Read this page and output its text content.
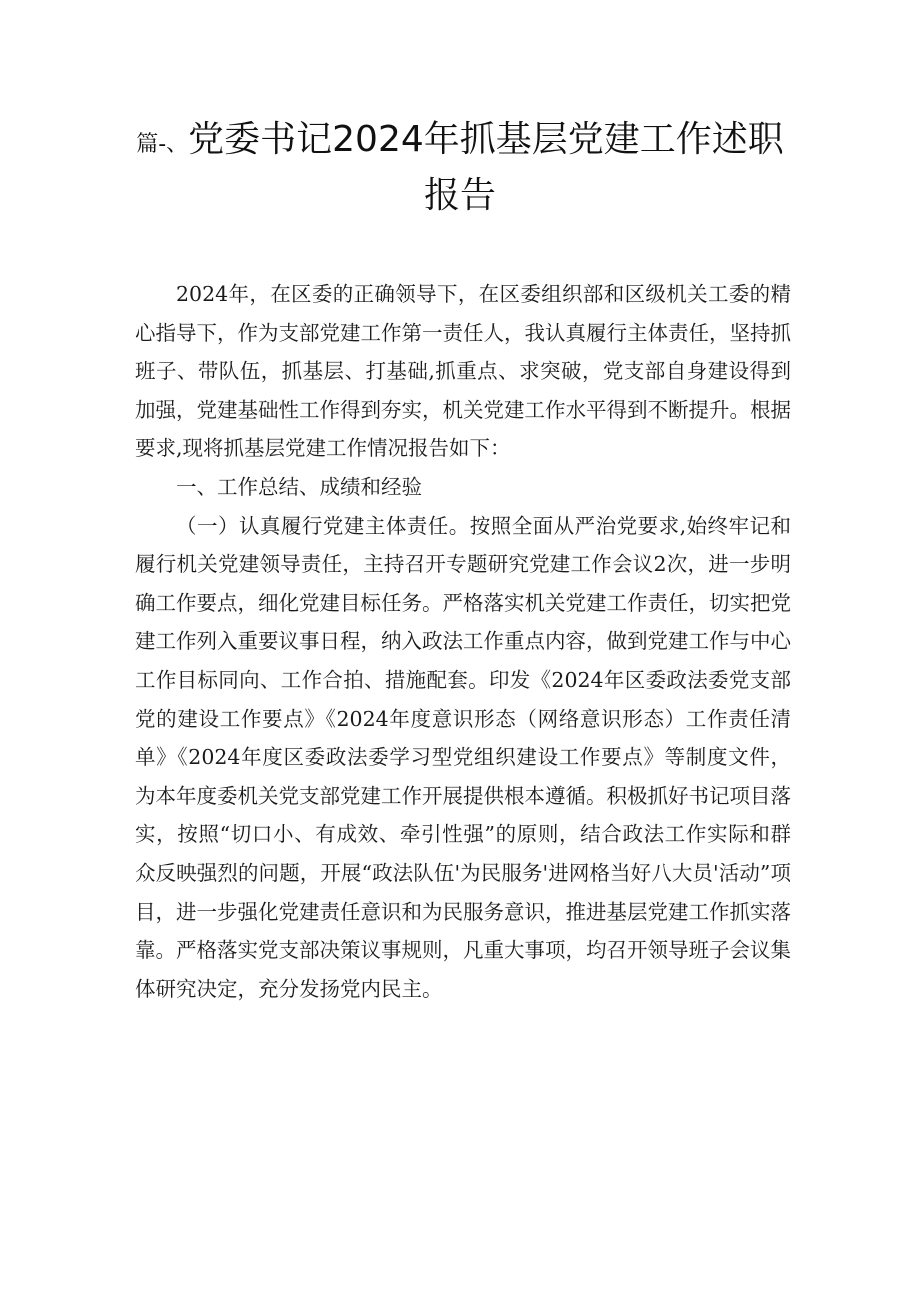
篇-、党委书记2024年抓基层党建工作述职
报告

2024年，在区委的正确领导下，在区委组织部和区级机关工委的精心指导下，作为支部党建工作第一责任人，我认真履行主体责任，坚持抓班子、带队伍，抓基层、打基础,抓重点、求突破，党支部自身建设得到加强，党建基础性工作得到夯实，机关党建工作水平得到不断提升。根据要求,现将抓基层党建工作情况报告如下：

一、工作总结、成绩和经验

（一）认真履行党建主体责任。按照全面从严治党要求,始终牢记和履行机关党建领导责任，主持召开专题研究党建工作会议2次，进一步明确工作要点，细化党建目标任务。严格落实机关党建工作责任，切实把党建工作列入重要议事日程，纳入政法工作重点内容，做到党建工作与中心工作目标同向、工作合拍、措施配套。印发《2024年区委政法委党支部党的建设工作要点》《2024年度意识形态（网络意识形态）工作责任清单》《2024年度区委政法委学习型党组织建设工作要点》等制度文件，为本年度委机关党支部党建工作开展提供根本遵循。积极抓好书记项目落实，按照“切口小、有成效、牵引性强”的原则，结合政法工作实际和群众反映强烈的问题，开展“政法队伍'为民服务'进网格当好八大员'活动”项目，进一步强化党建责任意识和为民服务意识，推进基层党建工作抓实落靠。严格落实党支部决策议事规则，凡重大事项，均召开领导班子会议集体研究决定，充分发扬党内民主。
